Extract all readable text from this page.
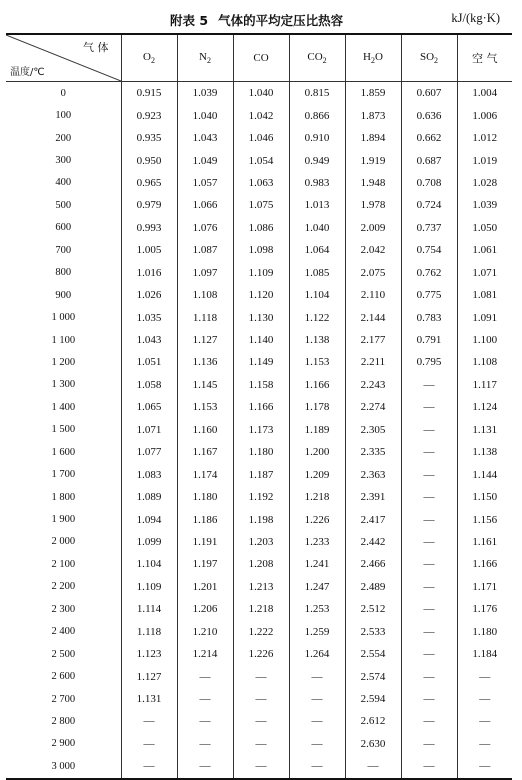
附表 5 气体的平均定压比热容	kJ/(kg·K)
气 体
温度/℃	$O_2$	$N_2$	CO	$CO_2$	$H_2O$	$SO_2$	空 气
0	0.915	1.039	1.040	0.815	1.859	0.607	1.004
100	0.923	1.040	1.042	0.866	1.873	0.636	1.006
200	0.935	1.043	1.046	0.910	1.894	0.662	1.012
300	0.950	1.049	1.054	0.949	1.919	0.687	1.019
400	0.965	1.057	1.063	0.983	1.948	0.708	1.028
500	0.979	1.066	1.075	1.013	1.978	0.724	1.039
600	0.993	1.076	1.086	1.040	2.009	0.737	1.050
700	1.005	1.087	1.098	1.064	2.042	0.754	1.061
800	1.016	1.097	1.109	1.085	2.075	0.762	1.071
900	1.026	1.108	1.120	1.104	2.110	0.775	1.081
1 000	1.035	1.118	1.130	1.122	2.144	0.783	1.091
1 100	1.043	1.127	1.140	1.138	2.177	0.791	1.100
1 200	1.051	1.136	1.149	1.153	2.211	0.795	1.108
1 300	1.058	1.145	1.158	1.166	2.243	—	1.117
1 400	1.065	1.153	1.166	1.178	2.274	—	1.124
1 500	1.071	1.160	1.173	1.189	2.305	—	1.131
1 600	1.077	1.167	1.180	1.200	2.335	—	1.138
1 700	1.083	1.174	1.187	1.209	2.363	—	1.144
1 800	1.089	1.180	1.192	1.218	2.391	—	1.150
1 900	1.094	1.186	1.198	1.226	2.417	—	1.156
2 000	1.099	1.191	1.203	1.233	2.442	—	1.161
2 100	1.104	1.197	1.208	1.241	2.466	—	1.166
2 200	1.109	1.201	1.213	1.247	2.489	—	1.171
2 300	1.114	1.206	1.218	1.253	2.512	—	1.176
2 400	1.118	1.210	1.222	1.259	2.533	—	1.180
2 500	1.123	1.214	1.226	1.264	2.554	—	1.184
2 600	1.127	—	—	—	2.574	—	—
2 700	1.131	—	—	—	2.594	—	—
2 800	—	—	—	—	2.612	—	—
2 900	—	—	—	—	2.630	—	—
3 000	—	—	—	—	—	—	—
